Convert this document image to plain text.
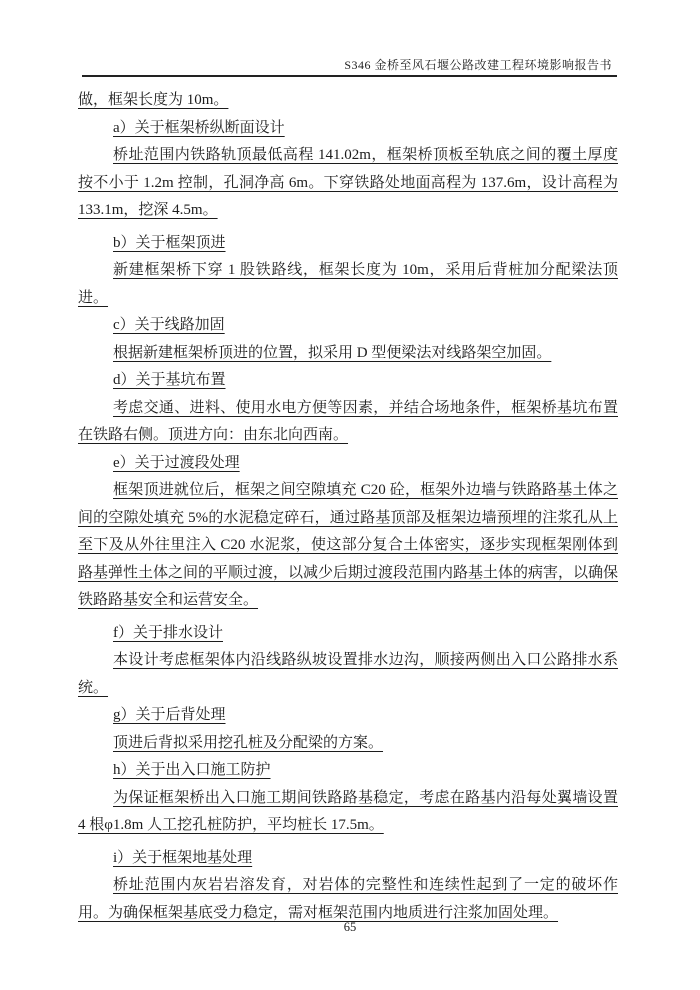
S346 金桥至风石堰公路改建工程环境影响报告书

做，框架长度为 10m。

a）关于框架桥纵断面设计

桥址范围内铁路轨顶最低高程 141.02m，框架桥顶板至轨底之间的覆土厚度按不小于 1.2m 控制，孔洞净高 6m。下穿铁路处地面高程为 137.6m，设计高程为 133.1m，挖深 4.5m。

b）关于框架顶进

新建框架桥下穿 1 股铁路线，框架长度为 10m，采用后背桩加分配梁法顶进。

c）关于线路加固

根据新建框架桥顶进的位置，拟采用 D 型便梁法对线路架空加固。

d）关于基坑布置

考虑交通、进料、使用水电方便等因素，并结合场地条件，框架桥基坑布置在铁路右侧。顶进方向：由东北向西南。

e）关于过渡段处理

框架顶进就位后，框架之间空隙填充 C20 砼，框架外边墙与铁路路基土体之间的空隙处填充 5%的水泥稳定碎石，通过路基顶部及框架边墙预埋的注浆孔从上至下及从外往里注入 C20 水泥浆，使这部分复合土体密实，逐步实现框架刚体到路基弹性土体之间的平顺过渡，以减少后期过渡段范围内路基土体的病害，以确保铁路路基安全和运营安全。

f）关于排水设计

本设计考虑框架体内沿线路纵坡设置排水边沟，顺接两侧出入口公路排水系统。

g）关于后背处理

顶进后背拟采用挖孔桩及分配梁的方案。

h）关于出入口施工防护

为保证框架桥出入口施工期间铁路路基稳定，考虑在路基内沿每处翼墙设置 4 根φ1.8m 人工挖孔桩防护，平均桩长 17.5m。

i）关于框架地基处理

桥址范围内灰岩岩溶发育，对岩体的完整性和连续性起到了一定的破坏作用。为确保框架基底受力稳定，需对框架范围内地质进行注浆加固处理。

65
